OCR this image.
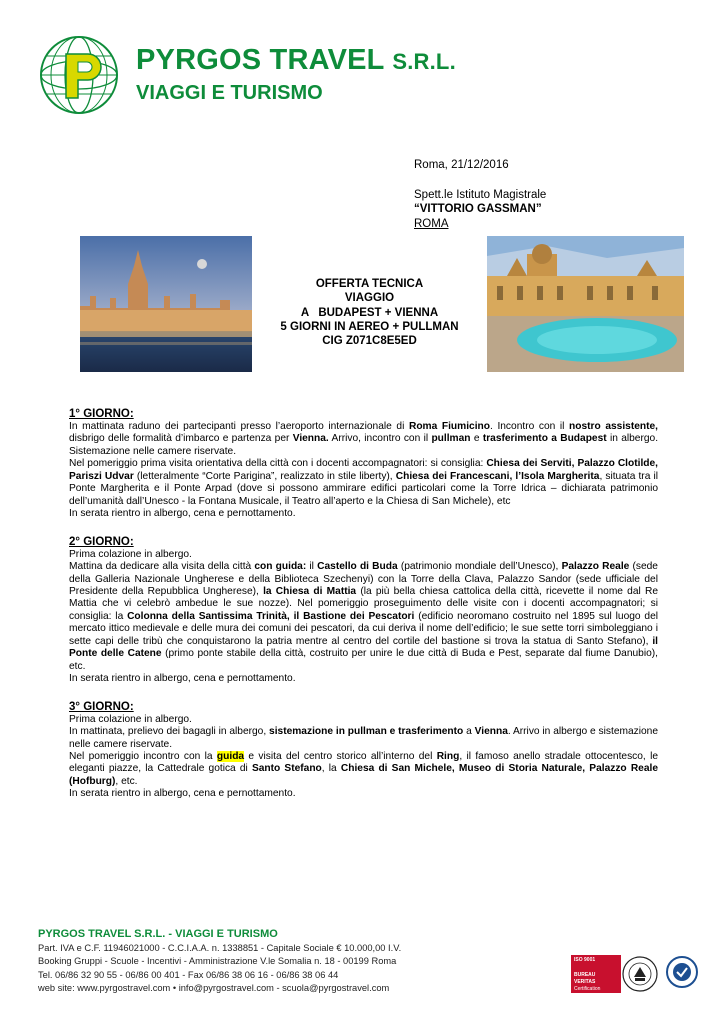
PYRGOS TRAVEL S.R.L.
VIAGGI E TURISMO
Roma, 21/12/2016
Spett.le Istituto Magistrale
“VITTORIO GASSMAN”
ROMA
OFFERTA TECNICA
VIAGGIO
A   BUDAPEST + VIENNA
5 GIORNI IN AEREO + PULLMAN
CIG Z071C8E5ED
1° GIORNO:

In mattinata raduno dei partecipanti presso l’aeroporto internazionale di Roma Fiumicino. Incontro con il nostro assistente, disbrigo delle formalità d’imbarco e partenza per Vienna. Arrivo, incontro con il pullman e trasferimento a Budapest in albergo. Sistemazione nelle camere riservate.

Nel pomeriggio prima visita orientativa della città con i docenti accompagnatori: si consiglia: Chiesa dei Serviti, Palazzo Clotilde, Pariszi Udvar (letteralmente “Corte Parigina”, realizzato in stile liberty), Chiesa dei Francescani, l’Isola Margherita, situata tra il Ponte Margherita e il Ponte Arpad (dove si possono ammirare edifici particolari come la Torre Idrica – dichiarata patrimonio dell’umanità dall’Unesco - la Fontana Musicale, il Teatro all’aperto e la Chiesa di San Michele), etc

In serata rientro in albergo, cena e pernottamento.

2° GIORNO:

Prima colazione in albergo.

Mattina da dedicare alla visita della città con guida: il Castello di Buda (patrimonio mondiale dell’Unesco), Palazzo Reale (sede della Galleria Nazionale Ungherese e della Biblioteca Szechenyi) con la Torre della Clava, Palazzo Sandor (sede ufficiale del Presidente della Repubblica Ungherese), la Chiesa di Mattia (la più bella chiesa cattolica della città, ricevette il nome dal Re Mattia che vi celebrò ambedue le sue nozze). Nel pomeriggio proseguimento delle visite con i docenti accompagnatori; si consiglia: la Colonna della Santissima Trinità, il Bastione dei Pescatori (edificio neoromano costruito nel 1895 sul luogo del mercato ittico medievale e delle mura dei comuni dei pescatori, da cui deriva il nome dell’edificio; le sue sette torri simboleggiano i sette capi delle tribù che conquistarono la patria mentre al centro del cortile del bastione si trova la statua di Santo Stefano), il Ponte delle Catene (primo ponte stabile della città, costruito per unire le due città di Buda e Pest, separate dal fiume Danubio), etc.

In serata rientro in albergo, cena e pernottamento.

3° GIORNO:

Prima colazione in albergo.

In mattinata, prelievo dei bagagli in albergo, sistemazione in pullman e trasferimento a Vienna. Arrivo in albergo e sistemazione nelle camere riservate.

Nel pomeriggio incontro con la guida e visita del centro storico all’interno del Ring, il famoso anello stradale ottocentesco, le eleganti piazze, la Cattedrale gotica di Santo Stefano, la Chiesa di San Michele, Museo di Storia Naturale, Palazzo Reale (Hofburg), etc.

In serata rientro in albergo, cena e pernottamento.

PYRGOS TRAVEL S.R.L. - VIAGGI E TURISMO
Part. IVA e C.F. 11946021000 - C.C.I.A.A. n. 1338851 - Capitale Sociale € 10.000,00 I.V.
Booking Gruppi - Scuole - Incentivi - Amministrazione V.le Somalia n. 18 - 00199 Roma
Tel. 06/86 32 90 55 - 06/86 00 401 - Fax 06/86 38 06 16 - 06/86 38 06 44
web site: www.pyrgostravel.com • info@pyrgostravel.com - scuola@pyrgostravel.com
ISO 9001
BUREAU VERITAS
Certification
